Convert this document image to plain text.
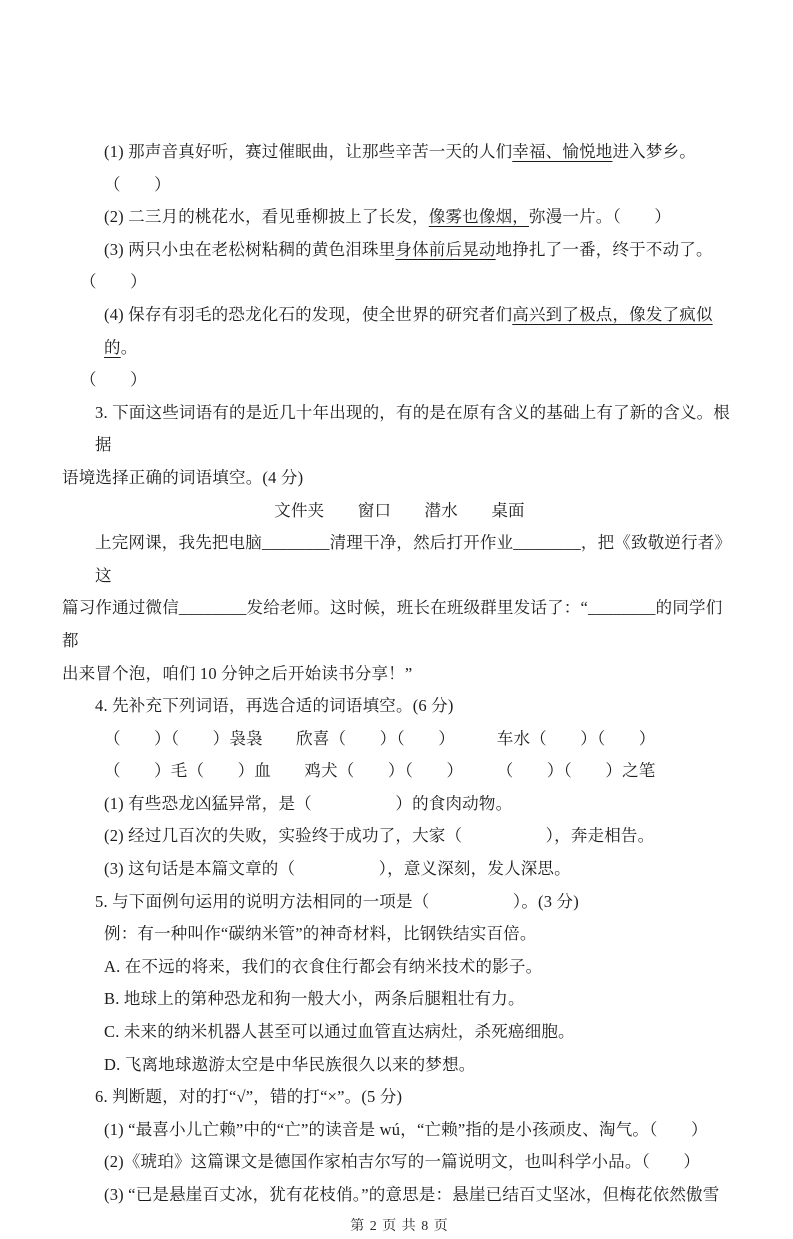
(1) 那声音真好听，赛过催眠曲，让那些辛苦一天的人们幸福、愉悦地进入梦乡。（　　）

(2) 二三月的桃花水，看见垂柳披上了长发，像雾也像烟，弥漫一片。（　　）

(3) 两只小虫在老松树粘稠的黄色泪珠里身体前后晃动地挣扎了一番，终于不动了。

（　　）

(4) 保存有羽毛的恐龙化石的发现，使全世界的研究者们高兴到了极点，像发了疯似的。

（　　）

3. 下面这些词语有的是近几十年出现的，有的是在原有含义的基础上有了新的含义。根据

语境选择正确的词语填空。(4 分)

文件夹　　窗口　　潜水　　桌面

上完网课，我先把电脑________清理干净，然后打开作业________，把《致敬逆行者》这

篇习作通过微信________发给老师。这时候，班长在班级群里发话了：“________的同学们都

出来冒个泡，咱们 10 分钟之后开始读书分享！”

4. 先补充下列词语，再选合适的词语填空。(6 分)

（　　）（　　）袅袅　　欣喜（　　）（　　）　　　车水（　　）（　　）

（　　）毛（　　）血　　鸡犬（　　）（　　）　　　（　　）（　　）之笔

(1) 有些恐龙凶猛异常，是（　　　　　）的食肉动物。

(2) 经过几百次的失败，实验终于成功了，大家（　　　　　），奔走相告。

(3) 这句话是本篇文章的（　　　　　），意义深刻，发人深思。

5. 与下面例句运用的说明方法相同的一项是（　　　　　）。(3 分)

例：有一种叫作“碳纳米管”的神奇材料，比钢铁结实百倍。

A. 在不远的将来，我们的衣食住行都会有纳米技术的影子。

B. 地球上的第种恐龙和狗一般大小，两条后腿粗壮有力。

C. 未来的纳米机器人甚至可以通过血管直达病灶，杀死癌细胞。

D. 飞离地球遨游太空是中华民族很久以来的梦想。

6. 判断题，对的打“√”，错的打“×”。(5 分)

(1) “最喜小儿亡赖”中的“亡”的读音是 wú，“亡赖”指的是小孩顽皮、淘气。（　　）

(2)《琥珀》这篇课文是德国作家柏吉尔写的一篇说明文，也叫科学小品。（　　）

(3) “已是悬崖百丈冰，犹有花枝俏。”的意思是：悬崖已结百丈坚冰，但梅花依然傲雪

第 2 页 共 8 页
